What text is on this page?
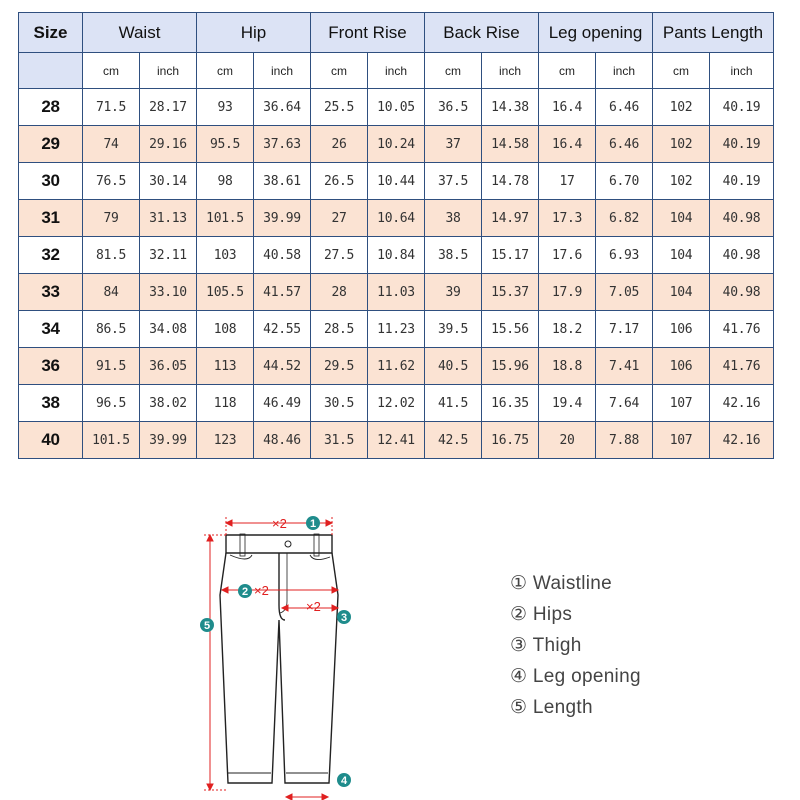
Size	Waist		Hip		Front Rise		Back Rise		Leg opening		Pants Length	
	cm	inch	cm	inch	cm	inch	cm	inch	cm	inch	cm	inch
28	71.5	28.17	93	36.64	25.5	10.05	36.5	14.38	16.4	6.46	102	40.19
29	74	29.16	95.5	37.63	26	10.24	37	14.58	16.4	6.46	102	40.19
30	76.5	30.14	98	38.61	26.5	10.44	37.5	14.78	17	6.70	102	40.19
31	79	31.13	101.5	39.99	27	10.64	38	14.97	17.3	6.82	104	40.98
32	81.5	32.11	103	40.58	27.5	10.84	38.5	15.17	17.6	6.93	104	40.98
33	84	33.10	105.5	41.57	28	11.03	39	15.37	17.9	7.05	104	40.98
34	86.5	34.08	108	42.55	28.5	11.23	39.5	15.56	18.2	7.17	106	41.76
36	91.5	36.05	113	44.52	29.5	11.62	40.5	15.96	18.8	7.41	106	41.76
38	96.5	38.02	118	46.49	30.5	12.02	41.5	16.35	19.4	7.64	107	42.16
40	101.5	39.99	123	48.46	31.5	12.41	42.5	16.75	20	7.88	107	42.16
×2
×2
×2
1
2
3
4
5
① Waistline
② Hips
③ Thigh
④ Leg opening
⑤ Length
